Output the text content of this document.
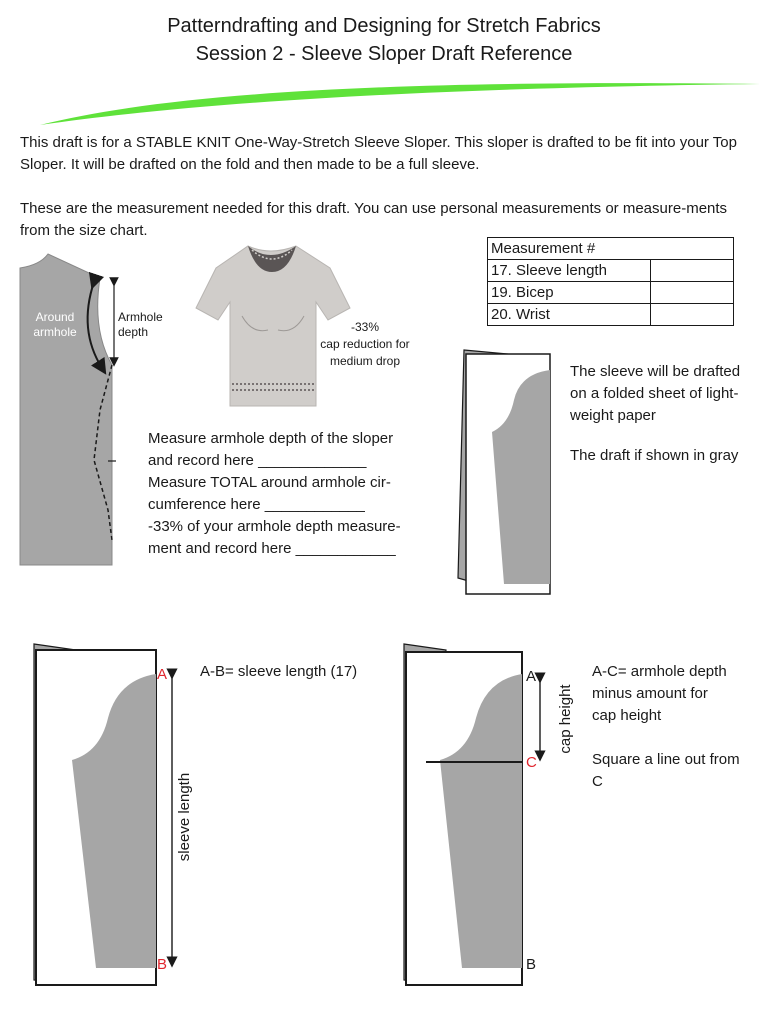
Patterndrafting and Designing for Stretch Fabrics
Session 2 - Sleeve Sloper Draft Reference
This draft is for a STABLE KNIT One-Way-Stretch Sleeve Sloper. This sloper is drafted to be fit into your Top Sloper. It will be drafted on the fold and then made to be a full sleeve.
These are the measurement needed for this draft. You can use personal measurements or measure-ments from the size chart.
Measurement #	
17. Sleeve length	
19. Bicep	
20. Wrist	
Around
armhole
Armhole
depth	-33%
cap reduction for
medium drop
Measure armhole depth of the sloper
and record here _____________
Measure TOTAL around armhole cir-
cumference here ____________
-33% of your armhole depth measure-
ment and record here ____________
The sleeve will be drafted
on a folded sheet of light-
weight paper
The draft if shown in gray
A
B
sleeve length
A-B= sleeve length (17)	A
C
B
cap height
A-C= armhole depth
minus amount for
cap height
Square a line out from
C
